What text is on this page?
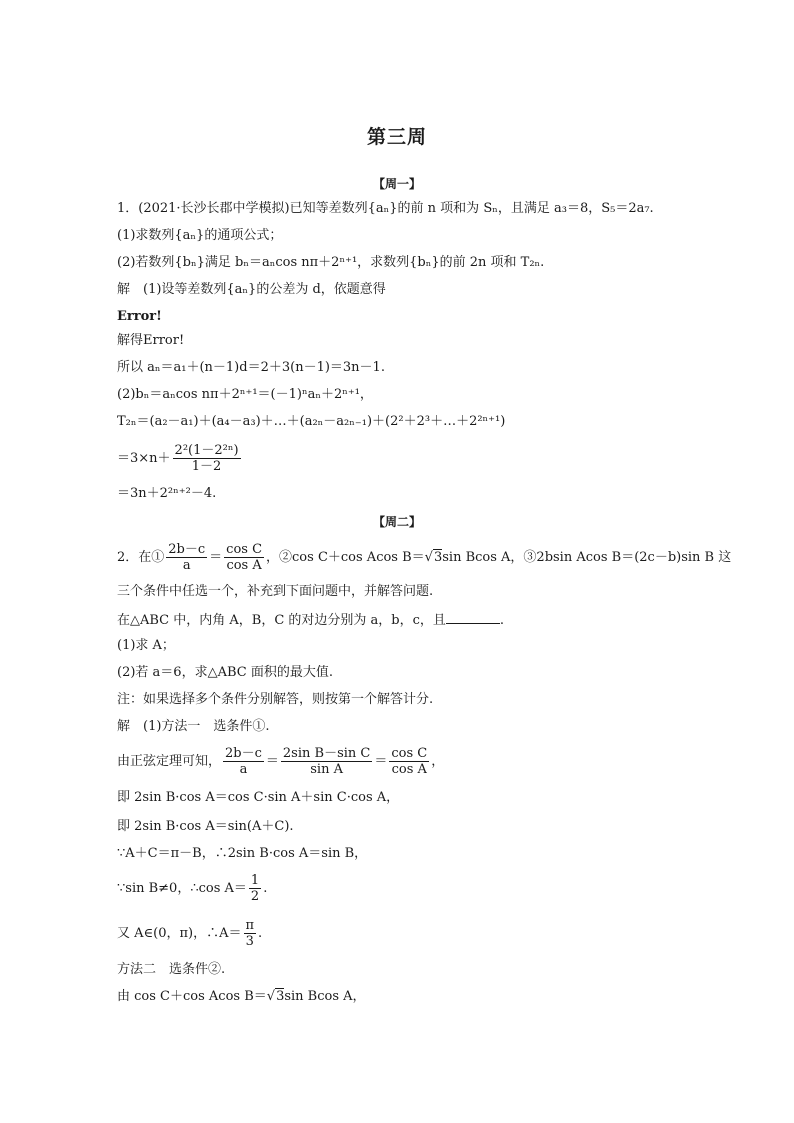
第三周
【周一】
1．(2021·长沙长郡中学模拟)已知等差数列{aₙ}的前 n 项和为 Sₙ，且满足 a₃＝8，S₅＝2a₇.
(1)求数列{aₙ}的通项公式；
(2)若数列{bₙ}满足 bₙ＝aₙcos nπ＋2ⁿ⁺¹，求数列{bₙ}的前 2n 项和 T₂ₙ.
解　(1)设等差数列{aₙ}的公差为 d，依题意得
Error!
解得Error!
所以 aₙ＝a₁＋(n－1)d＝2＋3(n－1)＝3n－1.
(2)bₙ＝aₙcos nπ＋2ⁿ⁺¹＝(－1)ⁿaₙ＋2ⁿ⁺¹，
T₂ₙ＝(a₂－a₁)＋(a₄－a₃)＋…＋(a₂ₙ－a₂ₙ₋₁)＋(2²＋2³＋…＋2²ⁿ⁺¹)
$=3\times n+ \frac{\text{2²(1－2²ⁿ)}}{1-2}$
＝3n＋2²ⁿ⁺²－4.
【周二】
2．在① $\frac{2b-c}{a} = \frac{\text{cos C}}{\text{cos A}}$ ，②cos C＋cos Acos B＝√3sin Bcos A，③2bsin Acos B＝(2c－b)sin B 这
三个条件中任选一个，补充到下面问题中，并解答问题.
在△ABC 中，内角 A，B，C 的对边分别为 a，b，c，且	.
(1)求 A；
(2)若 a＝6，求△ABC 面积的最大值.
注：如果选择多个条件分别解答，则按第一个解答计分.
解　(1)方法一　选条件①.
由正弦定理可知， $\frac{2b-c}{a} = \frac{\text{2sin B－sin C}}{\text{sin A}} = \frac{\text{cos C}}{\text{cos A}}$ ，
即 2sin B·cos A＝cos C·sin A＋sin C·cos A，
即 2sin B·cos A＝sin(A＋C).
∵A＋C＝π－B，∴2sin B·cos A＝sin B，
∵sin B≠0，∴cos $A= \frac{1}{2}$ .
又 A∈(0，π)，∴A＝ $\frac{\pi}{3}$ .
方法二　选条件②.
由 cos C＋cos Acos B＝√3sin Bcos A，
